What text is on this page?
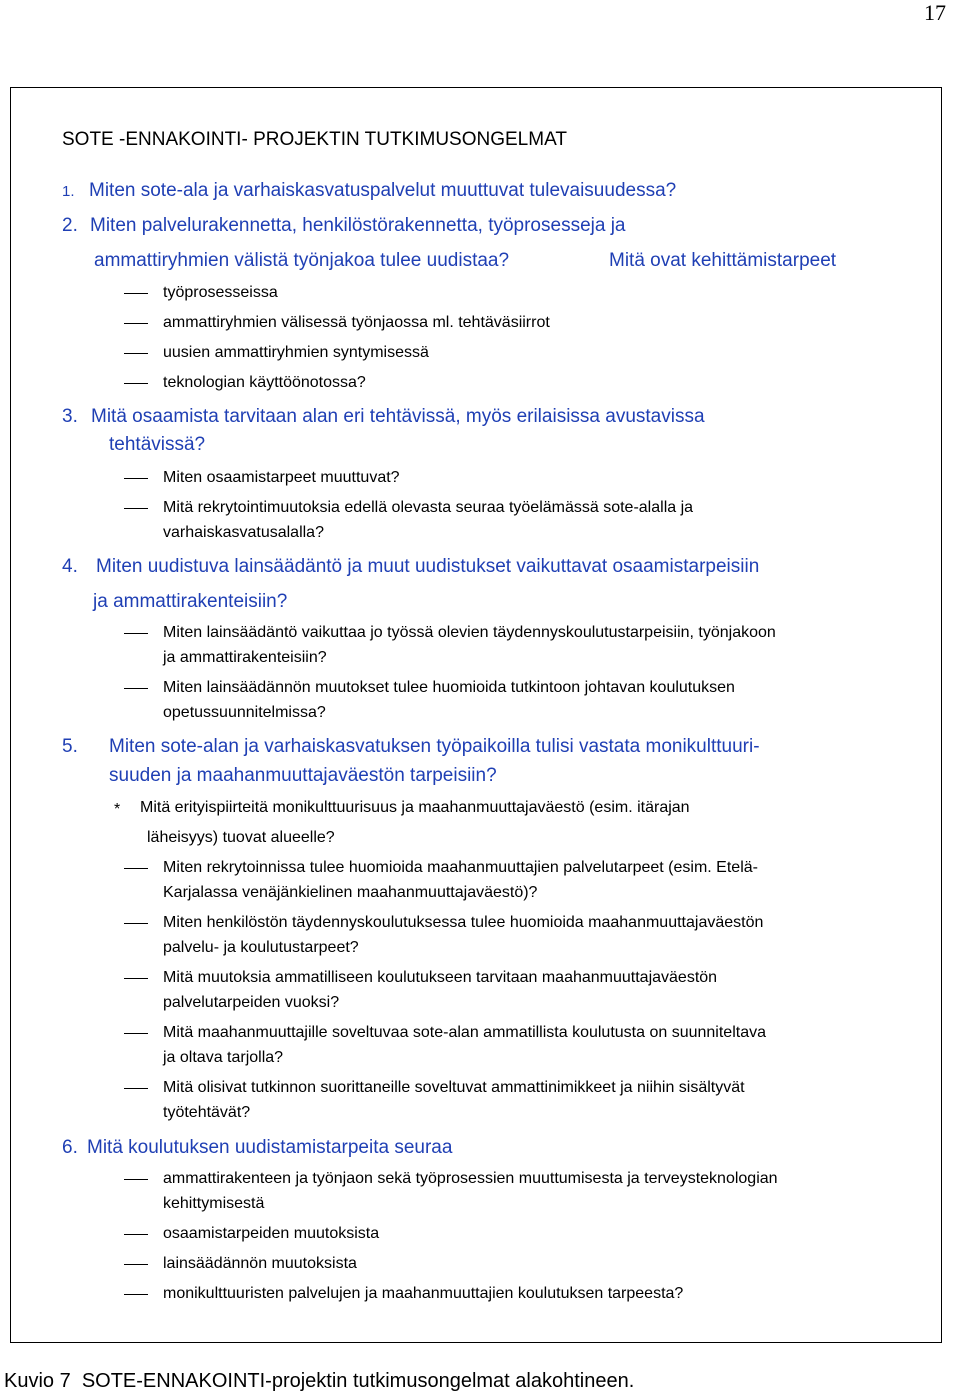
17
SOTE -ENNAKOINTI- PROJEKTIN TUTKIMUSONGELMAT
1. Miten sote-ala ja varhaiskasvatuspalvelut muuttuvat tulevaisuudessa?
2. Miten palvelurakennetta, henkilöstörakennetta, työprosesseja ja
ammattiryhmien välistä työnjakoa tulee uudistaa?	Mitä ovat kehittämistarpeet
työprosesseissa
ammattiryhmien välisessä työnjaossa ml. tehtäväsiirrot
uusien ammattiryhmien syntymisessä
teknologian käyttöönotossa?
3. Mitä osaamista tarvitaan alan eri tehtävissä, myös erilaisissa avustavissa
tehtävissä?
Miten osaamistarpeet muuttuvat?
Mitä rekrytointimuutoksia edellä olevasta seuraa työelämässä sote-alalla ja
varhaiskasvatusalalla?
4. Miten uudistuva lainsäädäntö ja muut uudistukset vaikuttavat osaamistarpeisiin
ja ammattirakenteisiin?
Miten lainsäädäntö vaikuttaa jo työssä olevien täydennyskoulutustarpeisiin, työnjakoon
ja ammattirakenteisiin?
Miten lainsäädännön muutokset tulee huomioida tutkintoon johtavan koulutuksen
opetussuunnitelmissa?
5. Miten sote-alan ja varhaiskasvatuksen työpaikoilla tulisi vastata monikulttuuri-
suuden ja maahanmuuttajaväestön tarpeisiin?
* Mitä erityispiirteitä monikulttuurisuus ja maahanmuuttajaväestö (esim. itärajan
läheisyys) tuovat alueelle?
Miten rekrytoinnissa tulee huomioida maahanmuuttajien palvelutarpeet (esim. Etelä-
Karjalassa venäjänkielinen maahanmuuttajaväestö)?
Miten henkilöstön täydennyskoulutuksessa tulee huomioida maahanmuuttajaväestön
palvelu- ja koulutustarpeet?
Mitä muutoksia ammatilliseen koulutukseen tarvitaan maahanmuuttajaväestön
palvelutarpeiden vuoksi?
Mitä maahanmuuttajille soveltuvaa sote-alan ammatillista koulutusta on suunniteltava
ja oltava tarjolla?
Mitä olisivat tutkinnon suorittaneille soveltuvat ammattinimikkeet ja niihin sisältyvät
työtehtävät?
6. Mitä koulutuksen uudistamistarpeita seuraa
ammattirakenteen ja työnjaon sekä työprosessien muuttumisesta ja terveysteknologian
kehittymisestä
osaamistarpeiden muutoksista
lainsäädännön muutoksista
monikulttuuristen palvelujen ja maahanmuuttajien koulutuksen tarpeesta?
Kuvio 7  SOTE-ENNAKOINTI-projektin tutkimusongelmat alakohtineen.
